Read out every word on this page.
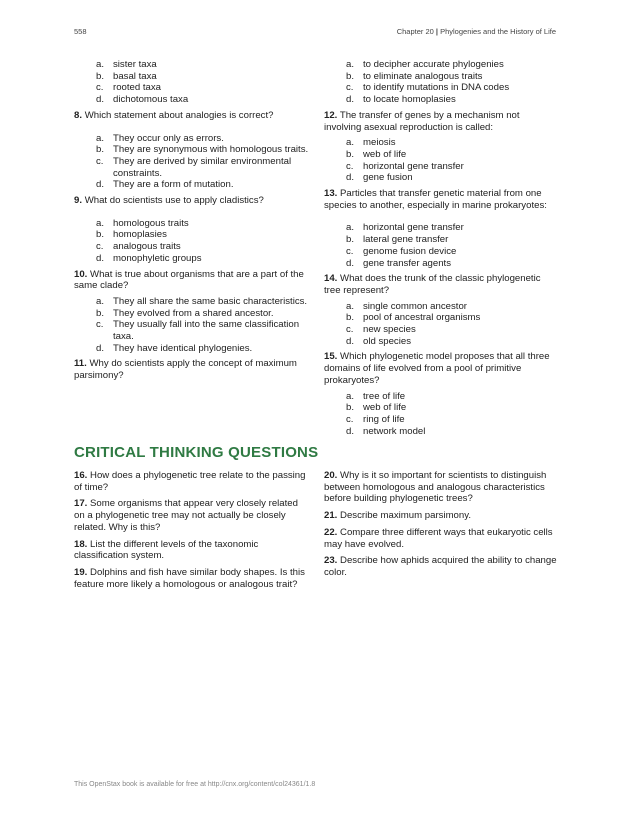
558	Chapter 20 | Phylogenies and the History of Life
a. sister taxa
b. basal taxa
c. rooted taxa
d. dichotomous taxa
8. Which statement about analogies is correct?
a. They occur only as errors.
b. They are synonymous with homologous traits.
c. They are derived by similar environmental constraints.
d. They are a form of mutation.
9. What do scientists use to apply cladistics?
a. homologous traits
b. homoplasies
c. analogous traits
d. monophyletic groups
10. What is true about organisms that are a part of the same clade?
a. They all share the same basic characteristics.
b. They evolved from a shared ancestor.
c. They usually fall into the same classification taxa.
d. They have identical phylogenies.
11. Why do scientists apply the concept of maximum parsimony?
a. to decipher accurate phylogenies
b. to eliminate analogous traits
c. to identify mutations in DNA codes
d. to locate homoplasies
12. The transfer of genes by a mechanism not involving asexual reproduction is called:
a. meiosis
b. web of life
c. horizontal gene transfer
d. gene fusion
13. Particles that transfer genetic material from one species to another, especially in marine prokaryotes:
a. horizontal gene transfer
b. lateral gene transfer
c. genome fusion device
d. gene transfer agents
14. What does the trunk of the classic phylogenetic tree represent?
a. single common ancestor
b. pool of ancestral organisms
c. new species
d. old species
15. Which phylogenetic model proposes that all three domains of life evolved from a pool of primitive prokaryotes?
a. tree of life
b. web of life
c. ring of life
d. network model
CRITICAL THINKING QUESTIONS
16. How does a phylogenetic tree relate to the passing of time?
17. Some organisms that appear very closely related on a phylogenetic tree may not actually be closely related. Why is this?
18. List the different levels of the taxonomic classification system.
19. Dolphins and fish have similar body shapes. Is this feature more likely a homologous or analogous trait?
20. Why is it so important for scientists to distinguish between homologous and analogous characteristics before building phylogenetic trees?
21. Describe maximum parsimony.
22. Compare three different ways that eukaryotic cells may have evolved.
23. Describe how aphids acquired the ability to change color.
This OpenStax book is available for free at http://cnx.org/content/col24361/1.8
